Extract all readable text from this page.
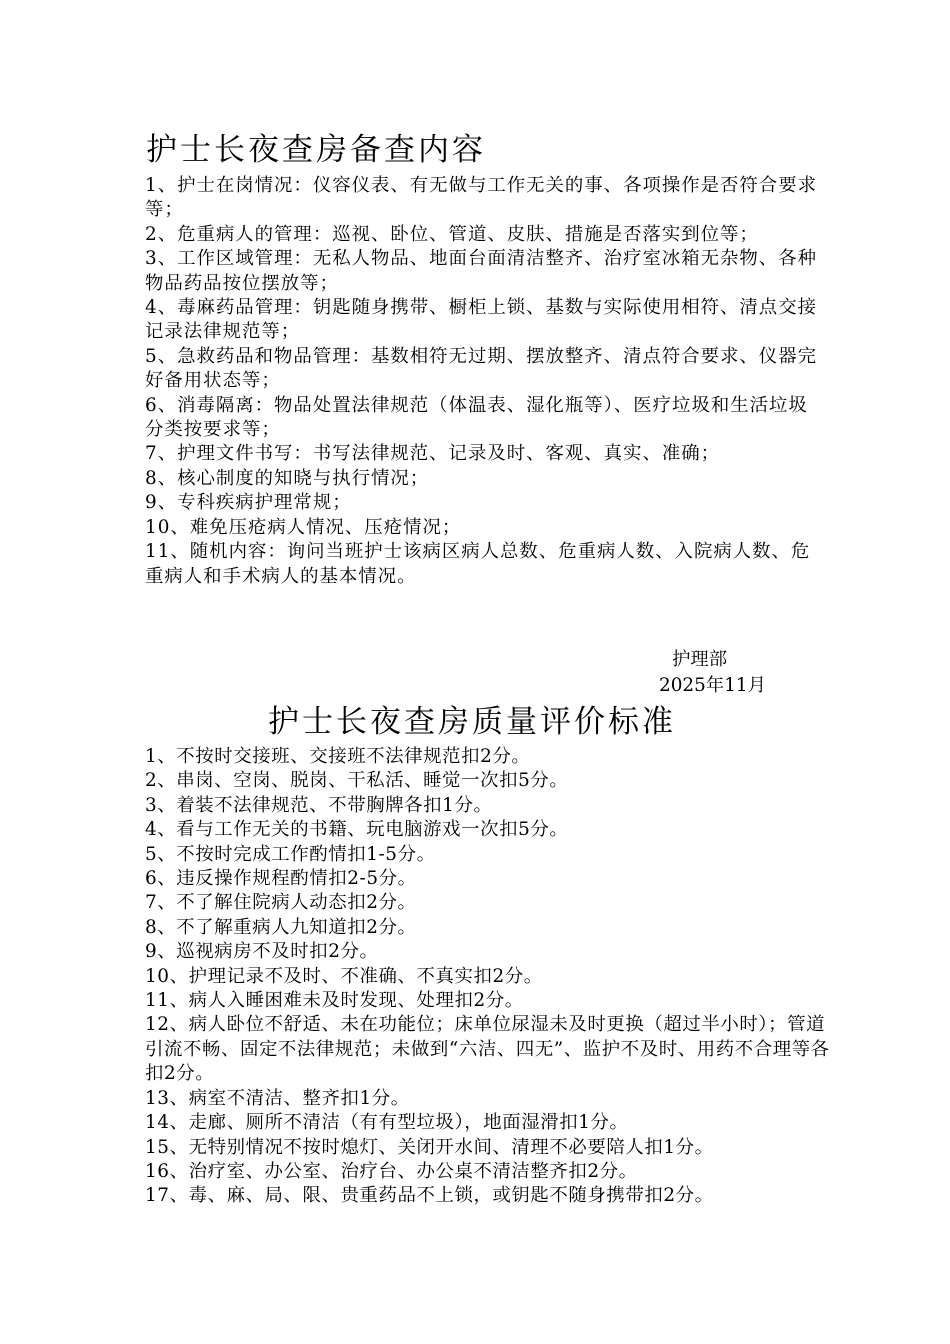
护士长夜查房备查内容

1、护士在岗情况：仪容仪表、有无做与工作无关的事、各项操作是否符合要求等；

2、危重病人的管理：巡视、卧位、管道、皮肤、措施是否落实到位等；

3、工作区域管理：无私人物品、地面台面清洁整齐、治疗室冰箱无杂物、各种物品药品按位摆放等；

4、毒麻药品管理：钥匙随身携带、橱柜上锁、基数与实际使用相符、清点交接记录法律规范等；

5、急救药品和物品管理：基数相符无过期、摆放整齐、清点符合要求、仪器完好备用状态等；

6、消毒隔离：物品处置法律规范（体温表、湿化瓶等）、医疗垃圾和生活垃圾分类按要求等；

7、护理文件书写：书写法律规范、记录及时、客观、真实、准确；

8、核心制度的知晓与执行情况；

9、专科疾病护理常规；

10、难免压疮病人情况、压疮情况；

11、随机内容：询问当班护士该病区病人总数、危重病人数、入院病人数、危重病人和手术病人的基本情况。

护理部
2025年11月
护士长夜查房质量评价标准

1、不按时交接班、交接班不法律规范扣2分。

2、串岗、空岗、脱岗、干私活、睡觉一次扣5分。

3、着装不法律规范、不带胸牌各扣1分。

4、看与工作无关的书籍、玩电脑游戏一次扣5分。

5、不按时完成工作酌情扣1-5分。

6、违反操作规程酌情扣2-5分。

7、不了解住院病人动态扣2分。

8、不了解重病人九知道扣2分。

9、巡视病房不及时扣2分。

10、护理记录不及时、不准确、不真实扣2分。

11、病人入睡困难未及时发现、处理扣2分。

12、病人卧位不舒适、未在功能位；床单位尿湿未及时更换（超过半小时）；管道引流不畅、固定不法律规范；未做到“六洁、四无”、监护不及时、用药不合理等各扣2分。

13、病室不清洁、整齐扣1分。

14、走廊、厕所不清洁（有有型垃圾），地面湿滑扣1分。

15、无特别情况不按时熄灯、关闭开水间、清理不必要陪人扣1分。

16、治疗室、办公室、治疗台、办公桌不清洁整齐扣2分。

17、毒、麻、局、限、贵重药品不上锁，或钥匙不随身携带扣2分。
